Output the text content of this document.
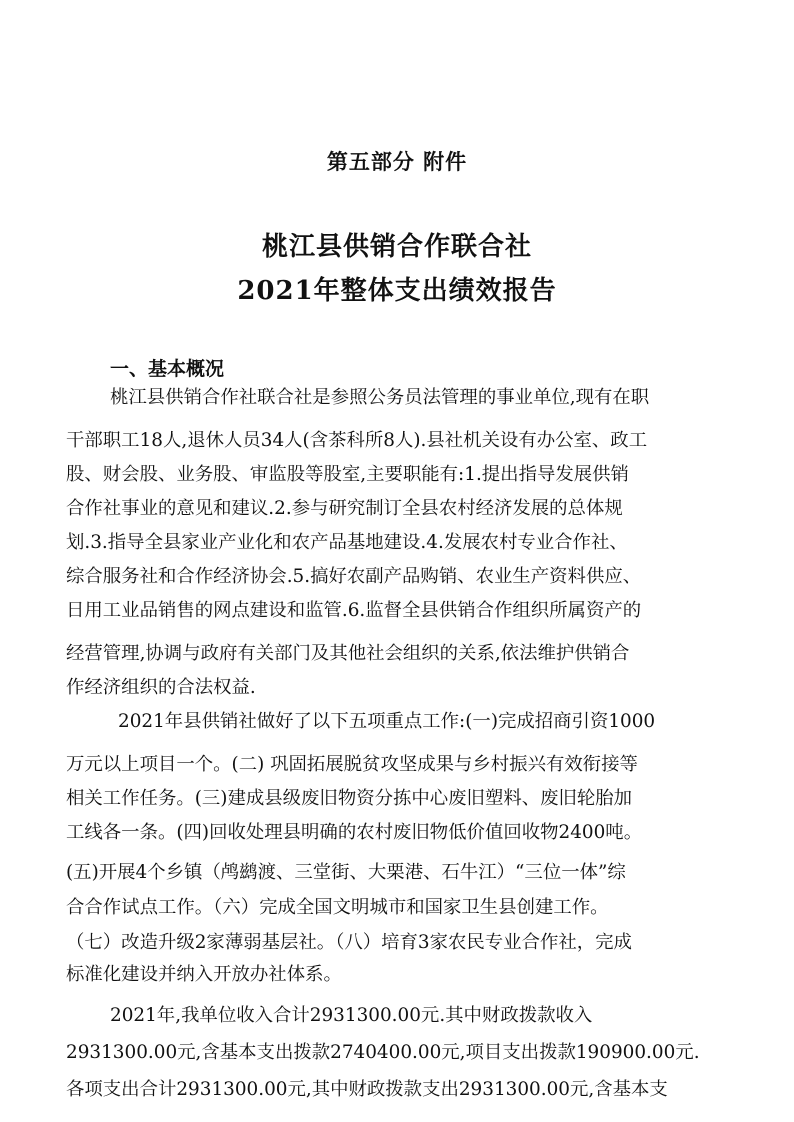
第五部分 附件
桃江县供销合作联合社
2021年整体支出绩效报告
一、基本概况
桃江县供销合作社联合社是参照公务员法管理的事业单位,现有在职
干部职工18人,退休人员34人(含茶科所8人).县社机关设有办公室、政工
股、财会股、业务股、审监股等股室,主要职能有:1.提出指导发展供销
合作社事业的意见和建议.2.参与研究制订全县农村经济发展的总体规
划.3.指导全县家业产业化和农产品基地建设.4.发展农村专业合作社、
综合服务社和合作经济协会.5.搞好农副产品购销、农业生产资料供应、
日用工业品销售的网点建设和监管.6.监督全县供销合作组织所属资产的
经营管理,协调与政府有关部门及其他社会组织的关系,依法维护供销合
作经济组织的合法权益.
2021年县供销社做好了以下五项重点工作:(一)完成招商引资1000
万元以上项目一个。(二) 巩固拓展脱贫攻坚成果与乡村振兴有效衔接等
相关工作任务。(三)建成县级废旧物资分拣中心废旧塑料、废旧轮胎加
工线各一条。(四)回收处理县明确的农村废旧物低价值回收物2400吨。
(五)开展4个乡镇（鸬鹚渡、三堂街、大栗港、石牛江）“三位一体”综
合合作试点工作。（六）完成全国文明城市和国家卫生县创建工作。
（七）改造升级2家薄弱基层社。（八）培育3家农民专业合作社，完成
标准化建设并纳入开放办社体系。
2021年,我单位收入合计2931300.00元.其中财政拨款收入
2931300.00元,含基本支出拨款2740400.00元,项目支出拨款190900.00元.
各项支出合计2931300.00元,其中财政拨款支出2931300.00元,含基本支
